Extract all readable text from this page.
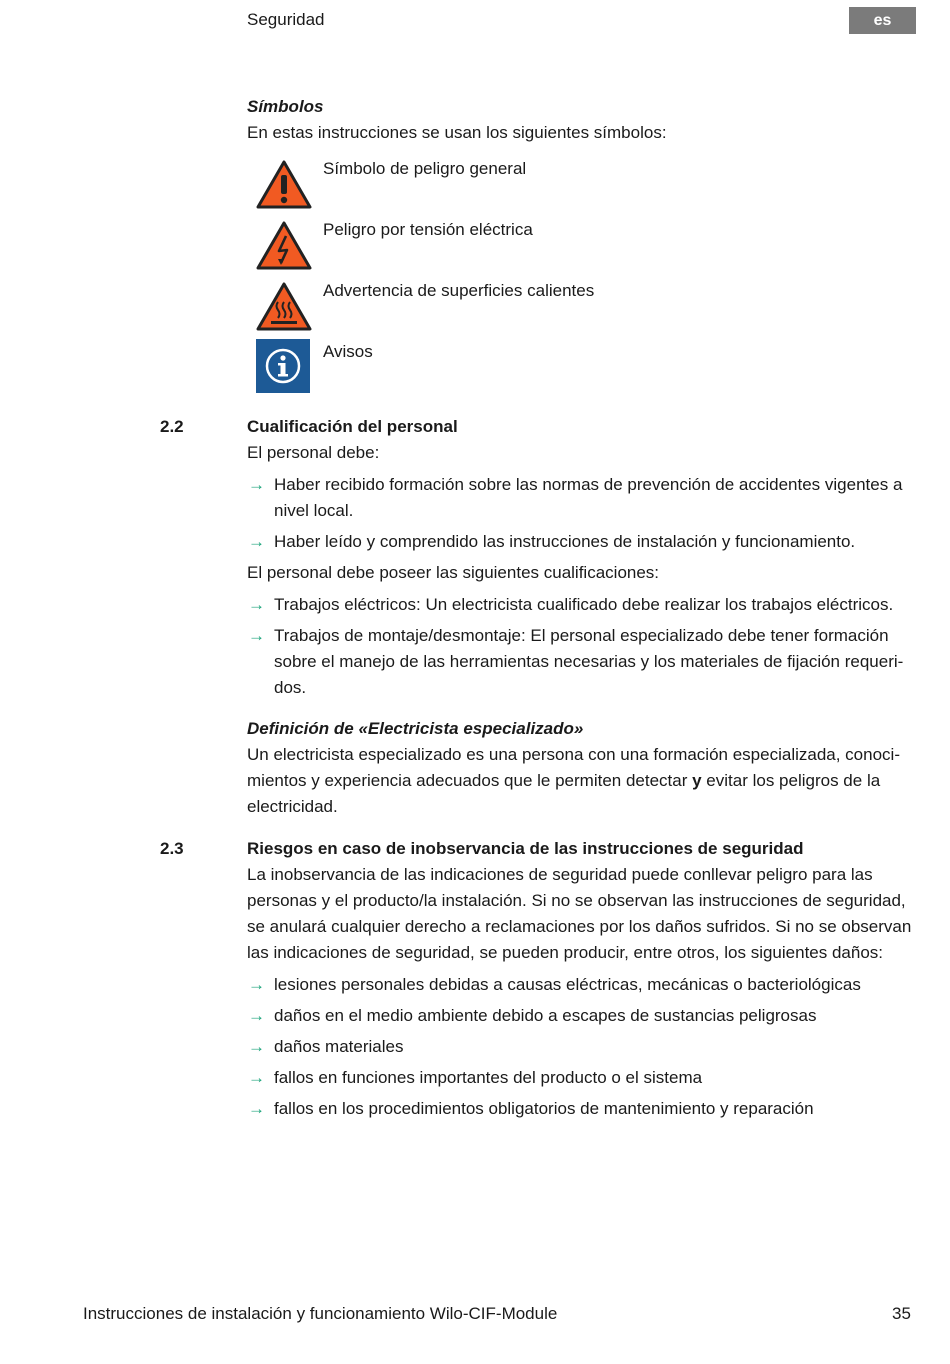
Seguridad	es
Símbolos
En estas instrucciones se usan los siguientes símbolos:
Símbolo de peligro general
Peligro por tensión eléctrica
Advertencia de superficies calientes
Avisos
2.2	Cualificación del personal
El personal debe:
→ Haber recibido formación sobre las normas de prevención de accidentes vigentes a nivel local.
→ Haber leído y comprendido las instrucciones de instalación y funcionamiento.
El personal debe poseer las siguientes cualificaciones:
→ Trabajos eléctricos: Un electricista cualificado debe realizar los trabajos eléctricos.
→ Trabajos de montaje/desmontaje: El personal especializado debe tener formación sobre el manejo de las herramientas necesarias y los materiales de fijación requeri-dos.
Definición de «Electricista especializado»
Un electricista especializado es una persona con una formación especializada, conoci-mientos y experiencia adecuados que le permiten detectar y evitar los peligros de la electricidad.
2.3	Riesgos en caso de inobservancia de las instrucciones de seguridad
La inobservancia de las indicaciones de seguridad puede conllevar peligro para las personas y el producto/la instalación. Si no se observan las instrucciones de seguridad, se anulará cualquier derecho a reclamaciones por los daños sufridos. Si no se observan las indicaciones de seguridad, se pueden producir, entre otros, los siguientes daños:
→ lesiones personales debidas a causas eléctricas, mecánicas o bacteriológicas
→ daños en el medio ambiente debido a escapes de sustancias peligrosas
→ daños materiales
→ fallos en funciones importantes del producto o el sistema
→ fallos en los procedimientos obligatorios de mantenimiento y reparación
Instrucciones de instalación y funcionamiento Wilo-CIF-Module	35
